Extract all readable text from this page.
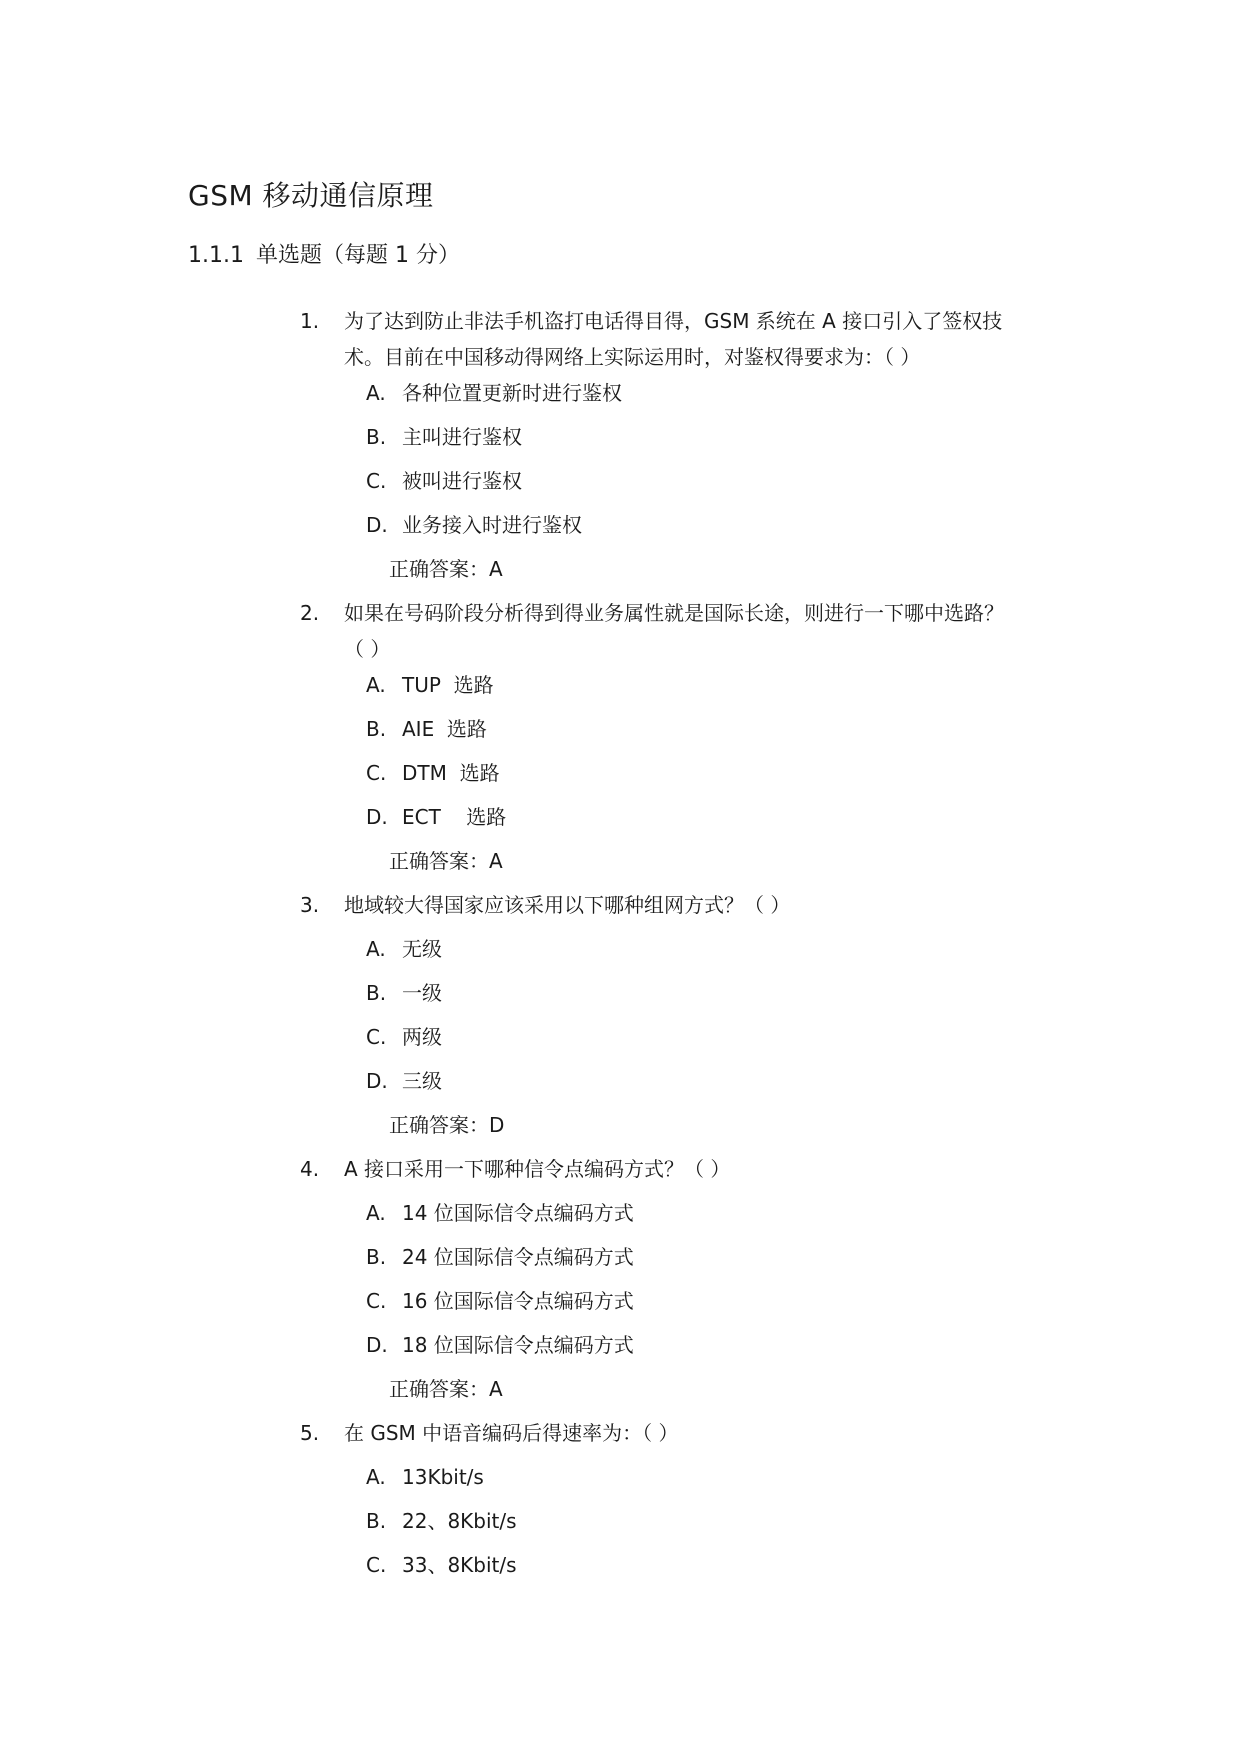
GSM 移动通信原理
1.1.1 单选题（每题 1 分）
1. 为了达到防止非法手机盗打电话得目得，GSM 系统在 A 接口引入了签权技
术。目前在中国移动得网络上实际运用时，对鉴权得要求为：（ ）
A. 各种位置更新时进行鉴权
B. 主叫进行鉴权
C. 被叫进行鉴权
D. 业务接入时进行鉴权
正确答案：A
2. 如果在号码阶段分析得到得业务属性就是国际长途，则进行一下哪中选路？
（ ）
A. TUP  选路
B. AIE  选路
C. DTM  选路
D. ECT    选路
正确答案：A
3. 地域较大得国家应该采用以下哪种组网方式？（ ）
A. 无级
B. 一级
C. 两级
D. 三级
正确答案：D
4. A 接口采用一下哪种信令点编码方式？（ ）
A. 14 位国际信令点编码方式
B. 24 位国际信令点编码方式
C. 16 位国际信令点编码方式
D. 18 位国际信令点编码方式
正确答案：A
5. 在 GSM 中语音编码后得速率为：（ ）
A. 13Kbit/s
B. 22、8Kbit/s
C. 33、8Kbit/s
